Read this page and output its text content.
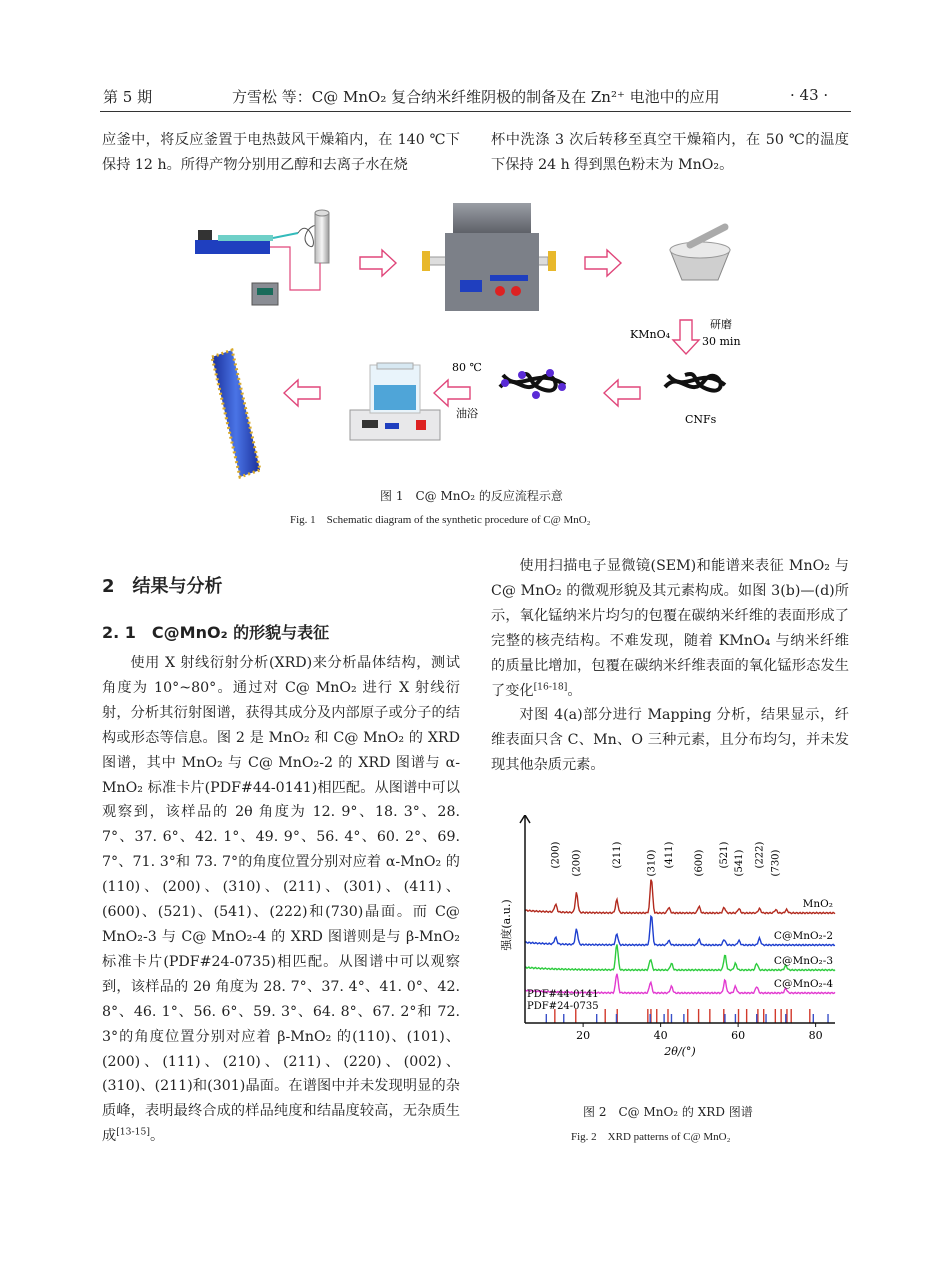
第 5 期	方雪松 等：C@ MnO₂ 复合纳米纤维阴极的制备及在 Zn²⁺ 电池中的应用	· 43 ·
应釜中，将反应釜置于电热鼓风干燥箱内，在 140 ℃下保持 12 h。所得产物分别用乙醇和去离子水在烧
杯中洗涤 3 次后转移至真空干燥箱内，在 50 ℃的温度下保持 24 h 得到黑色粉末为 MnO₂。
KMnO₄
研磨
30 min
CNFs
80 ℃
油浴
图 1　C@ MnO₂ 的反应流程示意
Fig. 1　Schematic diagram of the synthetic procedure of C@ MnO₂
2　结果与分析
2. 1　C@MnO₂ 的形貌与表征

使用 X 射线衍射分析(XRD)来分析晶体结构，测试角度为 10°~80°。通过对 C@ MnO₂ 进行 X 射线衍射，分析其衍射图谱，获得其成分及内部原子或分子的结构或形态等信息。图 2 是 MnO₂ 和 C@ MnO₂ 的 XRD 图谱，其中 MnO₂ 与 C@ MnO₂-2 的 XRD 图谱与 α-MnO₂ 标准卡片(PDF#44-0141)相匹配。从图谱中可以观察到，该样品的 2θ 角度为 12. 9°、18. 3°、28. 7°、37. 6°、42. 1°、49. 9°、56. 4°、60. 2°、69. 7°、71. 3°和 73. 7°的角度位置分别对应着 α-MnO₂ 的(110)、(200)、(310)、(211)、(301)、(411)、(600)、(521)、(541)、(222)和(730)晶面。而 C@ MnO₂-3 与 C@ MnO₂-4 的 XRD 图谱则是与 β-MnO₂ 标准卡片(PDF#24-0735)相匹配。从图谱中可以观察到，该样品的 2θ 角度为 28. 7°、37. 4°、41. 0°、42. 8°、46. 1°、56. 6°、59. 3°、64. 8°、67. 2°和 72. 3°的角度位置分别对应着 β-MnO₂ 的(110)、(101)、(200)、(111)、(210)、(211)、(220)、(002)、(310)、(211)和(301)晶面。在谱图中并未发现明显的杂质峰，表明最终合成的样品纯度和结晶度较高，无杂质生成[13-15]。

使用扫描电子显微镜(SEM)和能谱来表征 MnO₂ 与 C@ MnO₂ 的微观形貌及其元素构成。如图 3(b)—(d)所示，氧化锰纳米片均匀的包覆在碳纳米纤维的表面形成了完整的核壳结构。不难发现，随着 KMnO₄ 与纳米纤维的质量比增加，包覆在碳纳米纤维表面的氧化锰形态发生了变化[16-18]。

对图 4(a)部分进行 Mapping 分析，结果显示，纤维表面只含 C、Mn、O 三种元素，且分布均匀，并未发现其他杂质元素。

MnO₂
C@MnO₂-2
C@MnO₂-3
C@MnO₂-4
(200) (200)	(211) (310) (411) (600) (521) (541) (222) (730)
强度(a.u.)
2θ/(°)
20	40	60	80
PDF#44-0141
PDF#24-0735
图 2　C@ MnO₂ 的 XRD 图谱
Fig. 2　XRD patterns of C@ MnO₂
